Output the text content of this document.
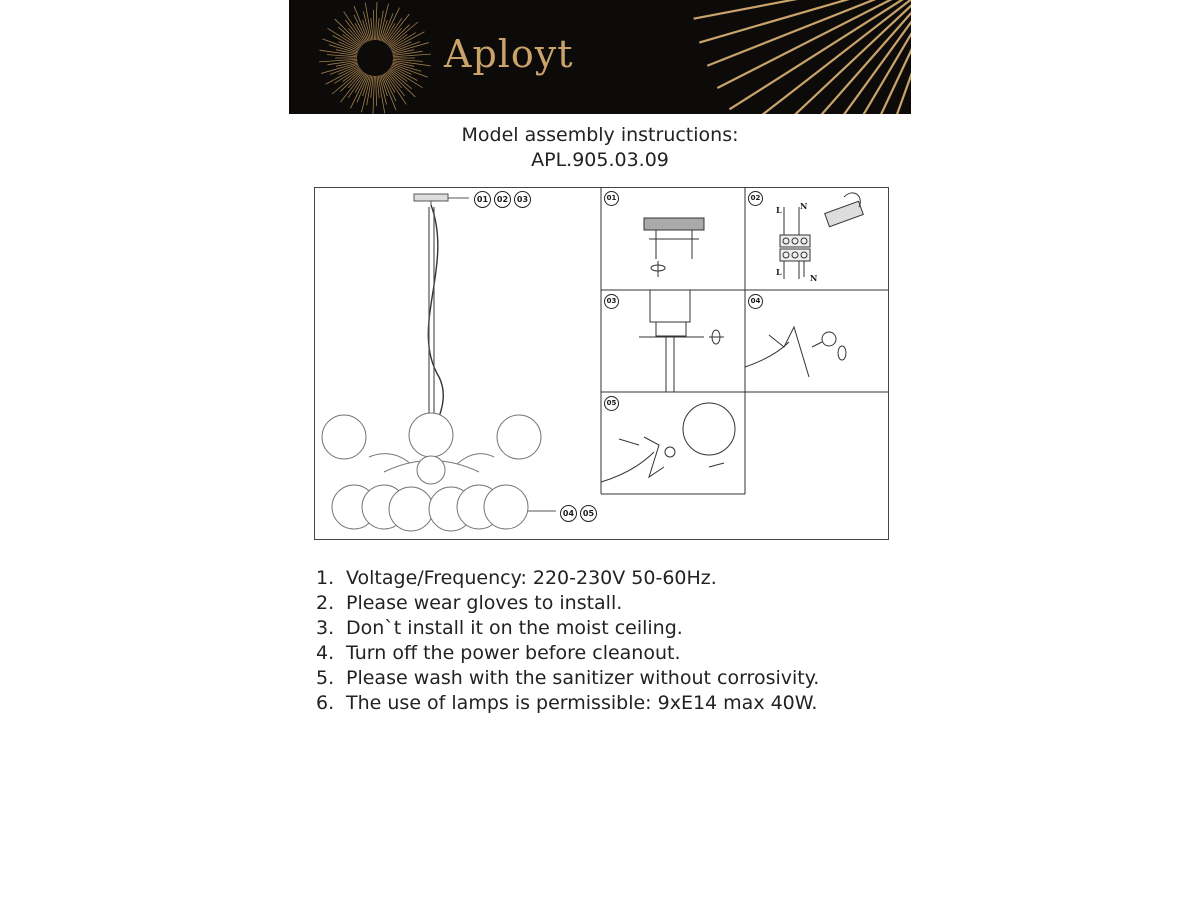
Aployt
Model assembly instructions:
APL.905.03.09
01	02	03
04	05
01	02
03	04
05
L N
L
N
1. Voltage/Frequency: 220-230V 50-60Hz.
2. Please wear gloves to install.
3. Don`t install it on the moist ceiling.
4. Turn off the power before cleanout.
5. Please wash with the sanitizer without corrosivity.
6. The use of lamps is permissible: 9xE14 max 40W.
